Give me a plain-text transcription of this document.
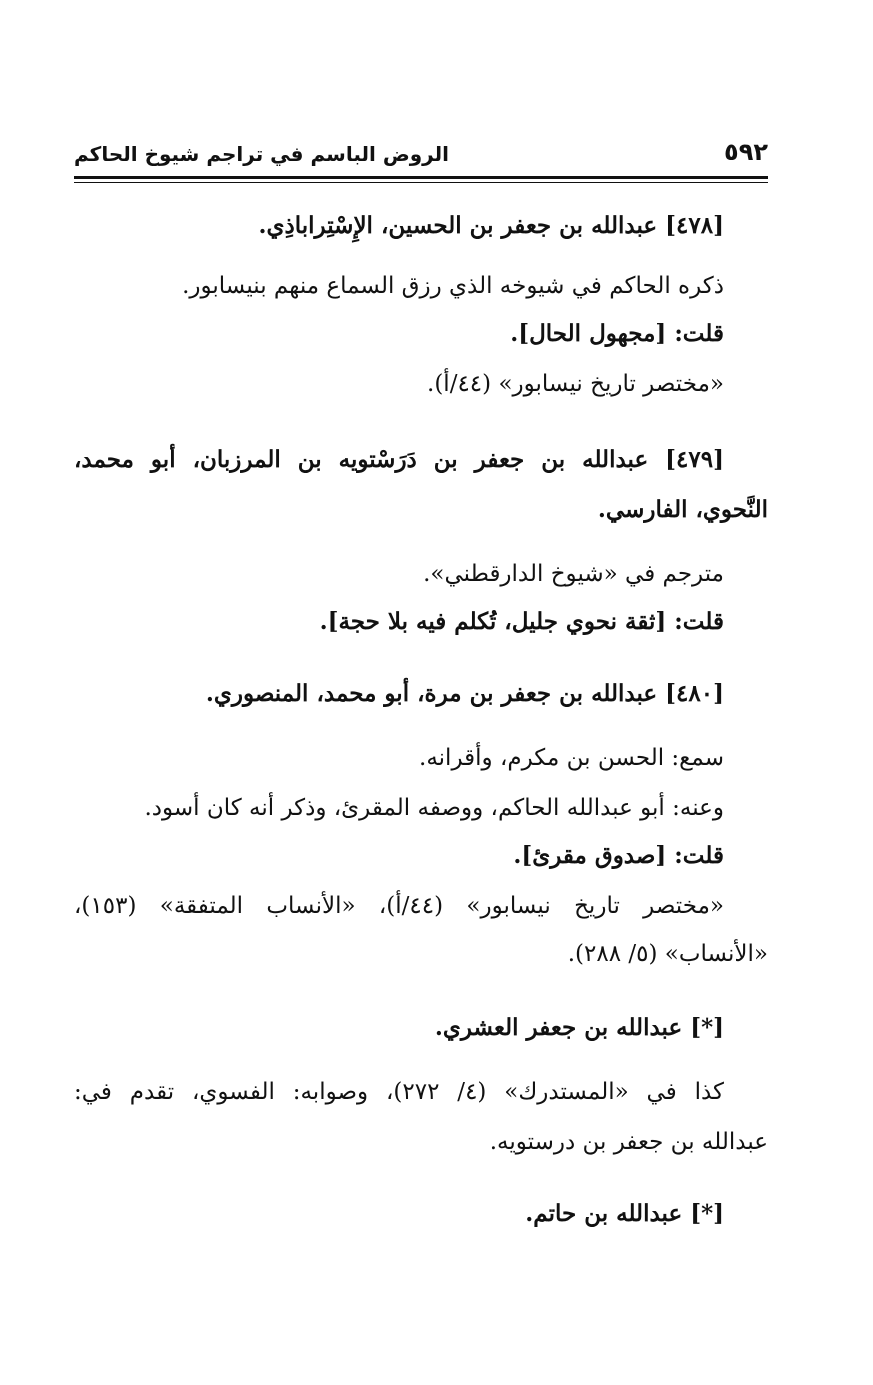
٥٩٢
الروض الباسم في تراجم شيوخ الحاكم
[٤٧٨] عبدالله بن جعفر بن الحسين، الإِسْتِراباذِي.
ذكره الحاكم في شيوخه الذي رزق السماع منهم بنيسابور.
قلت: [مجهول الحال].
«مختصر تاريخ نيسابور» (٤٤/أ).
[٤٧٩] عبدالله بن جعفر بن دَرَسْتويه بن المرزبان، أبو محمد،
النَّحوي، الفارسي.
مترجم في «شيوخ الدارقطني».
قلت: [ثقة نحوي جليل، تُكلم فيه بلا حجة].
[٤٨٠] عبدالله بن جعفر بن مرة، أبو محمد، المنصوري.
سمع: الحسن بن مكرم، وأقرانه.
وعنه: أبو عبدالله الحاكم، ووصفه المقرئ، وذكر أنه كان أسود.
قلت: [صدوق مقرئ].
«مختصر تاريخ نيسابور» (٤٤/أ)، «الأنساب المتفقة» (١٥٣)،
«الأنساب» (٥/ ٢٨٨).
[*] عبدالله بن جعفر العشري.
كذا في «المستدرك» (٤/ ٢٧٢)، وصوابه: الفسوي، تقدم في:
عبدالله بن جعفر بن درستويه.
[*] عبدالله بن حاتم.
